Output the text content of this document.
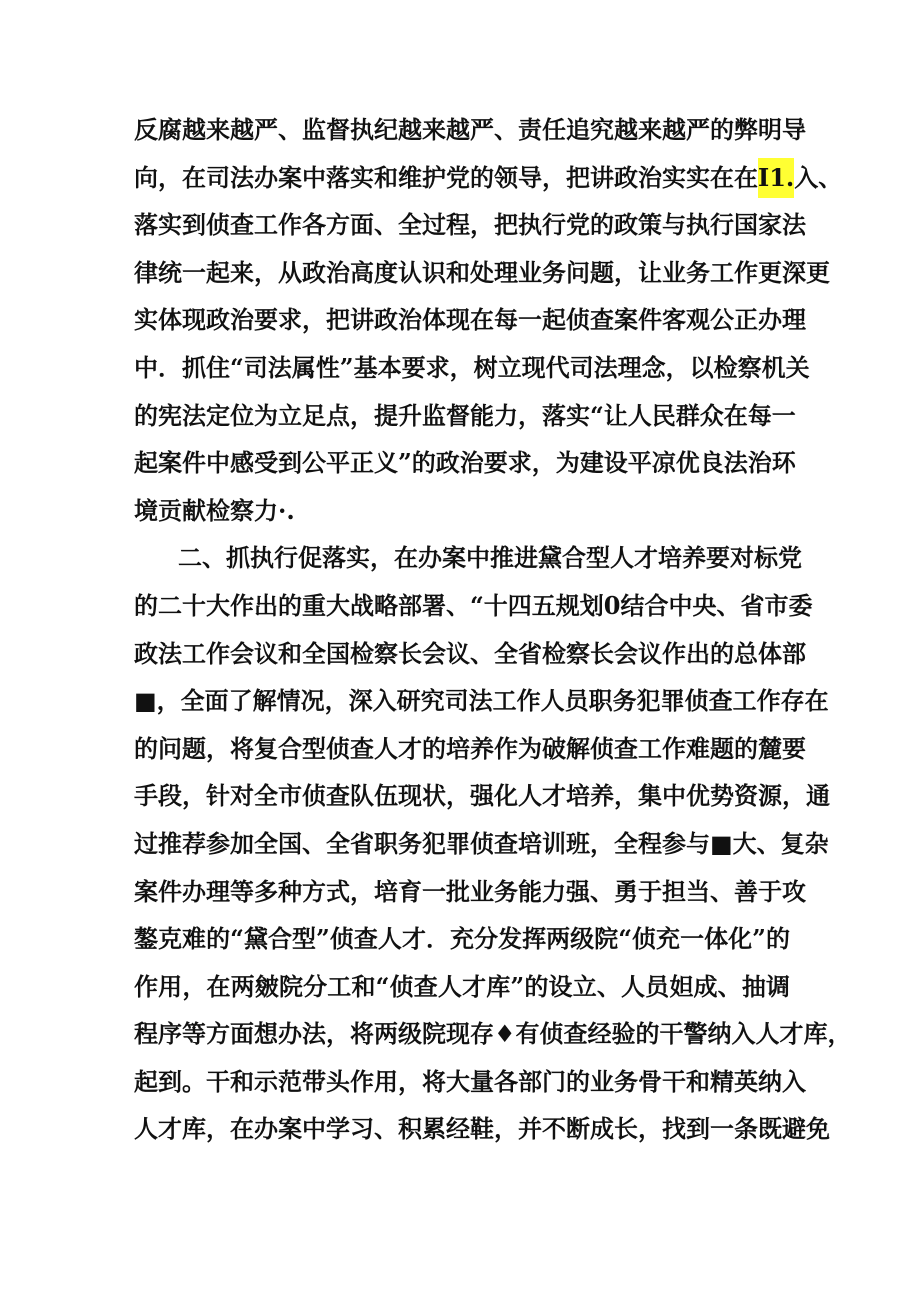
反腐越来越严、监督执纪越来越严、责任追究越来越严的弊明导
向，在司法办案中落实和维护党的领导，把讲政治实实在在I1.入、
落实到侦查工作各方面、全过程，把执行党的政策与执行国家法
律统一起来，从政治高度认识和处理业务问题，让业务工作更深更
实体现政治要求，把讲政治体现在每一起侦查案件客观公正办理
中．抓住“司法属性”基本要求，树立现代司法理念，以检察机关
的宪法定位为立足点，提升监督能力，落实“让人民群众在每一
起案件中感受到公平正义”的政治要求，为建设平凉优良法治环
境贡献检察力·.
二、抓执行促落实，在办案中推进黛合型人才培养要对标党
的二十大作出的重大战略部署、“十四五规划0结合中央、省市委
政法工作会议和全国检察长会议、全省检察长会议作出的总体部
■，全面了解情况，深入研究司法工作人员职务犯罪侦查工作存在
的问题，将复合型侦查人才的培养作为破解侦查工作难题的麓要
手段，针对全市侦查队伍现状，强化人才培养，集中优势资源，通
过推荐参加全国、全省职务犯罪侦查培训班，全程参与■大、复杂
案件办理等多种方式，培育一批业务能力强、勇于担当、善于攻
鏊克难的“黛合型”侦查人才．充分发挥两级院“侦充一体化”的
作用，在两皴院分工和“侦查人才库”的设立、人员妲成、抽调
程序等方面想办法，将两级院现存♦有侦查经验的干警纳入人才库，
起到。干和示范带头作用，将大量各部门的业务骨干和精英纳入
人才库，在办案中学习、积累经鞋，并不断成长，找到一条既避免
